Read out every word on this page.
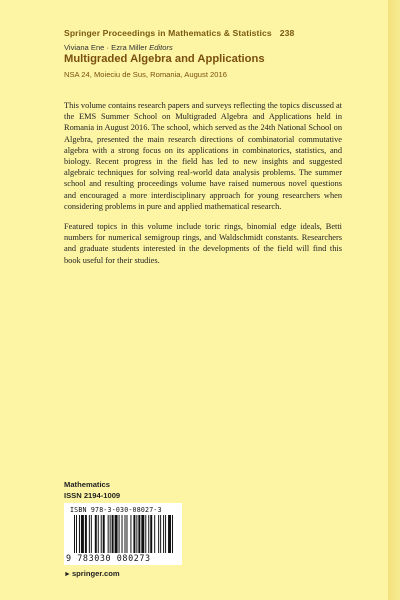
Springer Proceedings in Mathematics & Statistics 238
Viviana Ene · Ezra Miller Editors
Multigraded Algebra and Applications
NSA 24, Moieciu de Sus, Romania, August 2016

This volume contains research papers and surveys reflecting the topics discussed at the EMS Summer School on Multigraded Algebra and Applications held in Romania in August 2016. The school, which served as the 24th National School on Algebra, presented the main research directions of combinatorial commutative algebra with a strong focus on its applications in combinatorics, statistics, and biology. Recent progress in the field has led to new insights and suggested algebraic techniques for solving real-world data analysis problems. The summer school and resulting proceedings volume have raised numerous novel questions and encouraged a more interdisciplinary approach for young researchers when considering problems in pure and applied mathematical research.

Featured topics in this volume include toric rings, binomial edge ideals, Betti numbers for numerical semigroup rings, and Waldschmidt constants. Researchers and graduate students interested in the developments of the field will find this book useful for their studies.

Mathematics
ISSN 2194-1009
ISBN 978-3-030-08027-3
9 783030 080273
►springer.com
